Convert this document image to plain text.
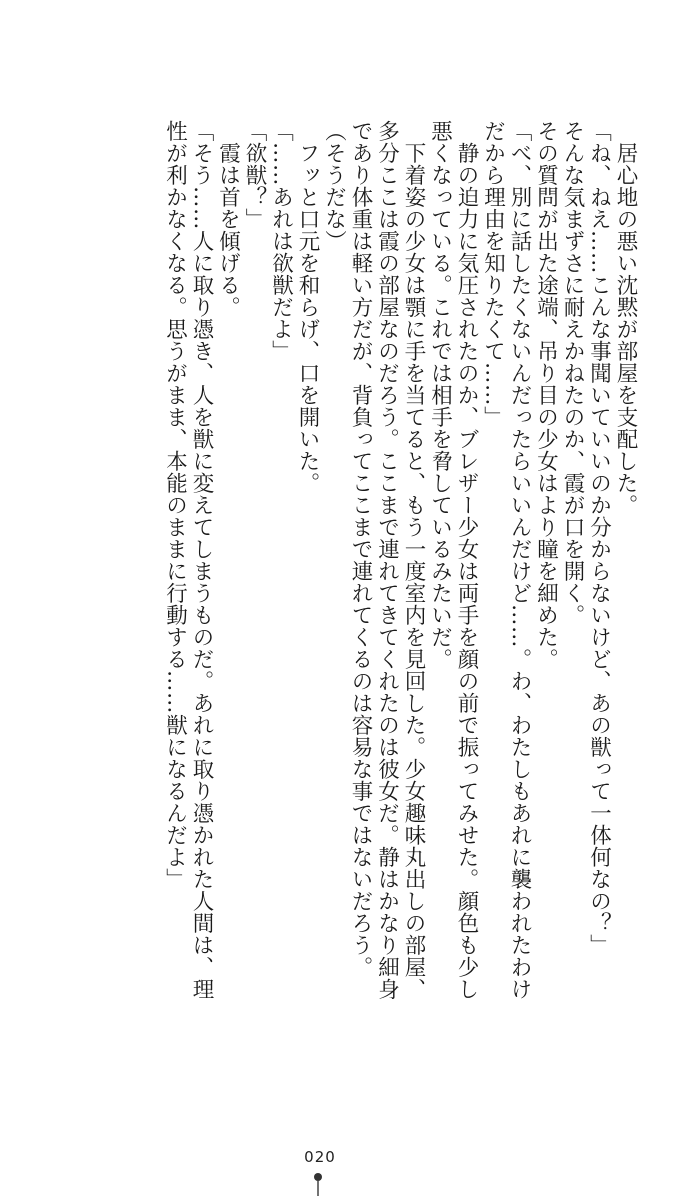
居心地の悪い沈黙が部屋を支配した。
「ね、ねえ……こんな事聞いていいのか分からないけど、あの獣って一体何なの？」
そんな気まずさに耐えかねたのか、霞が口を開く。
その質問が出た途端、吊り目の少女はより瞳を細めた。
「べ、別に話したくないんだったらいいんだけど……。わ、わたしもあれに襲われたわけ
だから理由を知りたくて……」
静の迫力に気圧されたのか、ブレザー少女は両手を顔の前で振ってみせた。顔色も少し
悪くなっている。これでは相手を脅しているみたいだ。
下着姿の少女は顎に手を当てると、もう一度室内を見回した。少女趣味丸出しの部屋、
多分ここは霞の部屋なのだろう。ここまで連れてきてくれたのは彼女だ。静はかなり細身
であり体重は軽い方だが、背負ってここまで連れてくるのは容易な事ではないだろう。
（そうだな）
フッと口元を和らげ、口を開いた。
「……あれは欲獣だよ」
「欲獣？」
霞は首を傾げる。
「そう……人に取り憑き、人を獣に変えてしまうものだ。あれに取り憑かれた人間は、理
性が利かなくなる。思うがまま、本能のままに行動する……獣になるんだよ」
020
